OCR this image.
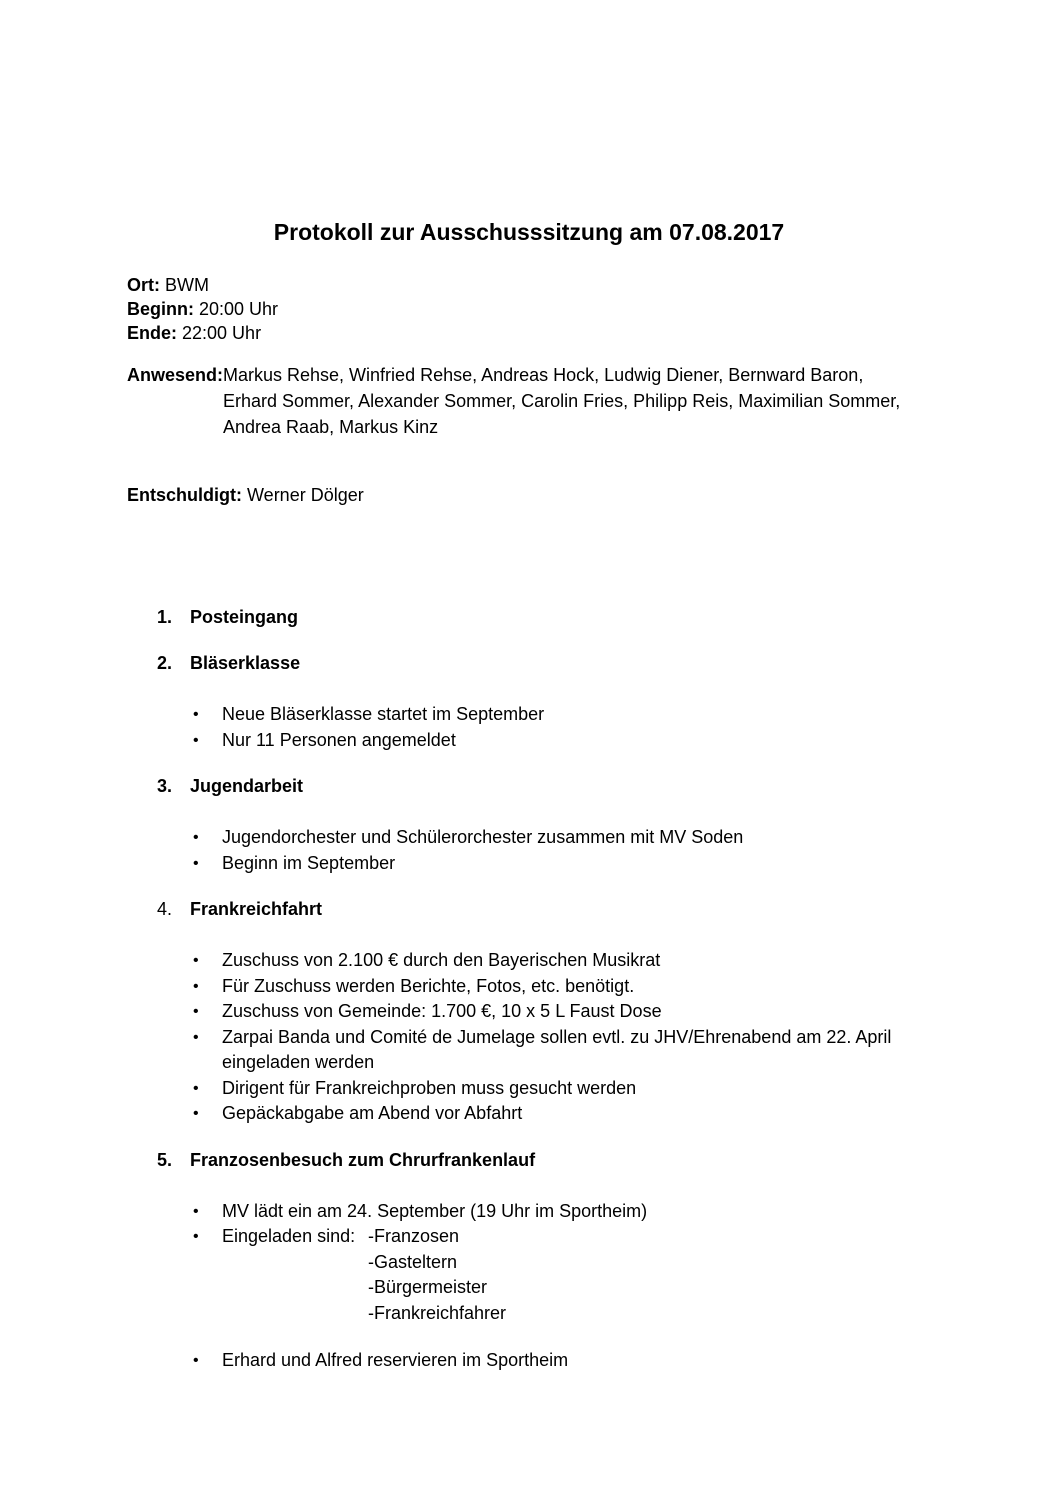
Protokoll zur Ausschusssitzung am 07.08.2017
Ort: BWM
Beginn: 20:00 Uhr
Ende: 22:00 Uhr
Anwesend: Markus Rehse, Winfried Rehse, Andreas Hock, Ludwig Diener, Bernward Baron,
Erhard Sommer, Alexander Sommer, Carolin Fries, Philipp Reis, Maximilian Sommer,
Andrea Raab, Markus Kinz
Entschuldigt: Werner Dölger
1. Posteingang
2. Bläserklasse
•	Neue Bläserklasse startet im September
•	Nur 11 Personen angemeldet
3. Jugendarbeit
•	Jugendorchester und Schülerorchester zusammen mit MV Soden
•	Beginn im September
4. Frankreichfahrt
•	Zuschuss von 2.100 € durch den Bayerischen Musikrat
•	Für Zuschuss werden Berichte, Fotos, etc. benötigt.
•	Zuschuss von Gemeinde: 1.700 €, 10 x 5 L Faust Dose
•	Zarpai Banda und Comité de Jumelage sollen evtl. zu JHV/Ehrenabend am 22. April eingeladen werden
•	Dirigent für Frankreichproben muss gesucht werden
•	Gepäckabgabe am Abend vor Abfahrt
5. Franzosenbesuch zum Chrurfrankenlauf
•	MV lädt ein am 24. September (19 Uhr im Sportheim)
•	Eingeladen sind: -Franzosen
-Gasteltern
-Bürgermeister
-Frankreichfahrer
•	Erhard und Alfred reservieren im Sportheim
